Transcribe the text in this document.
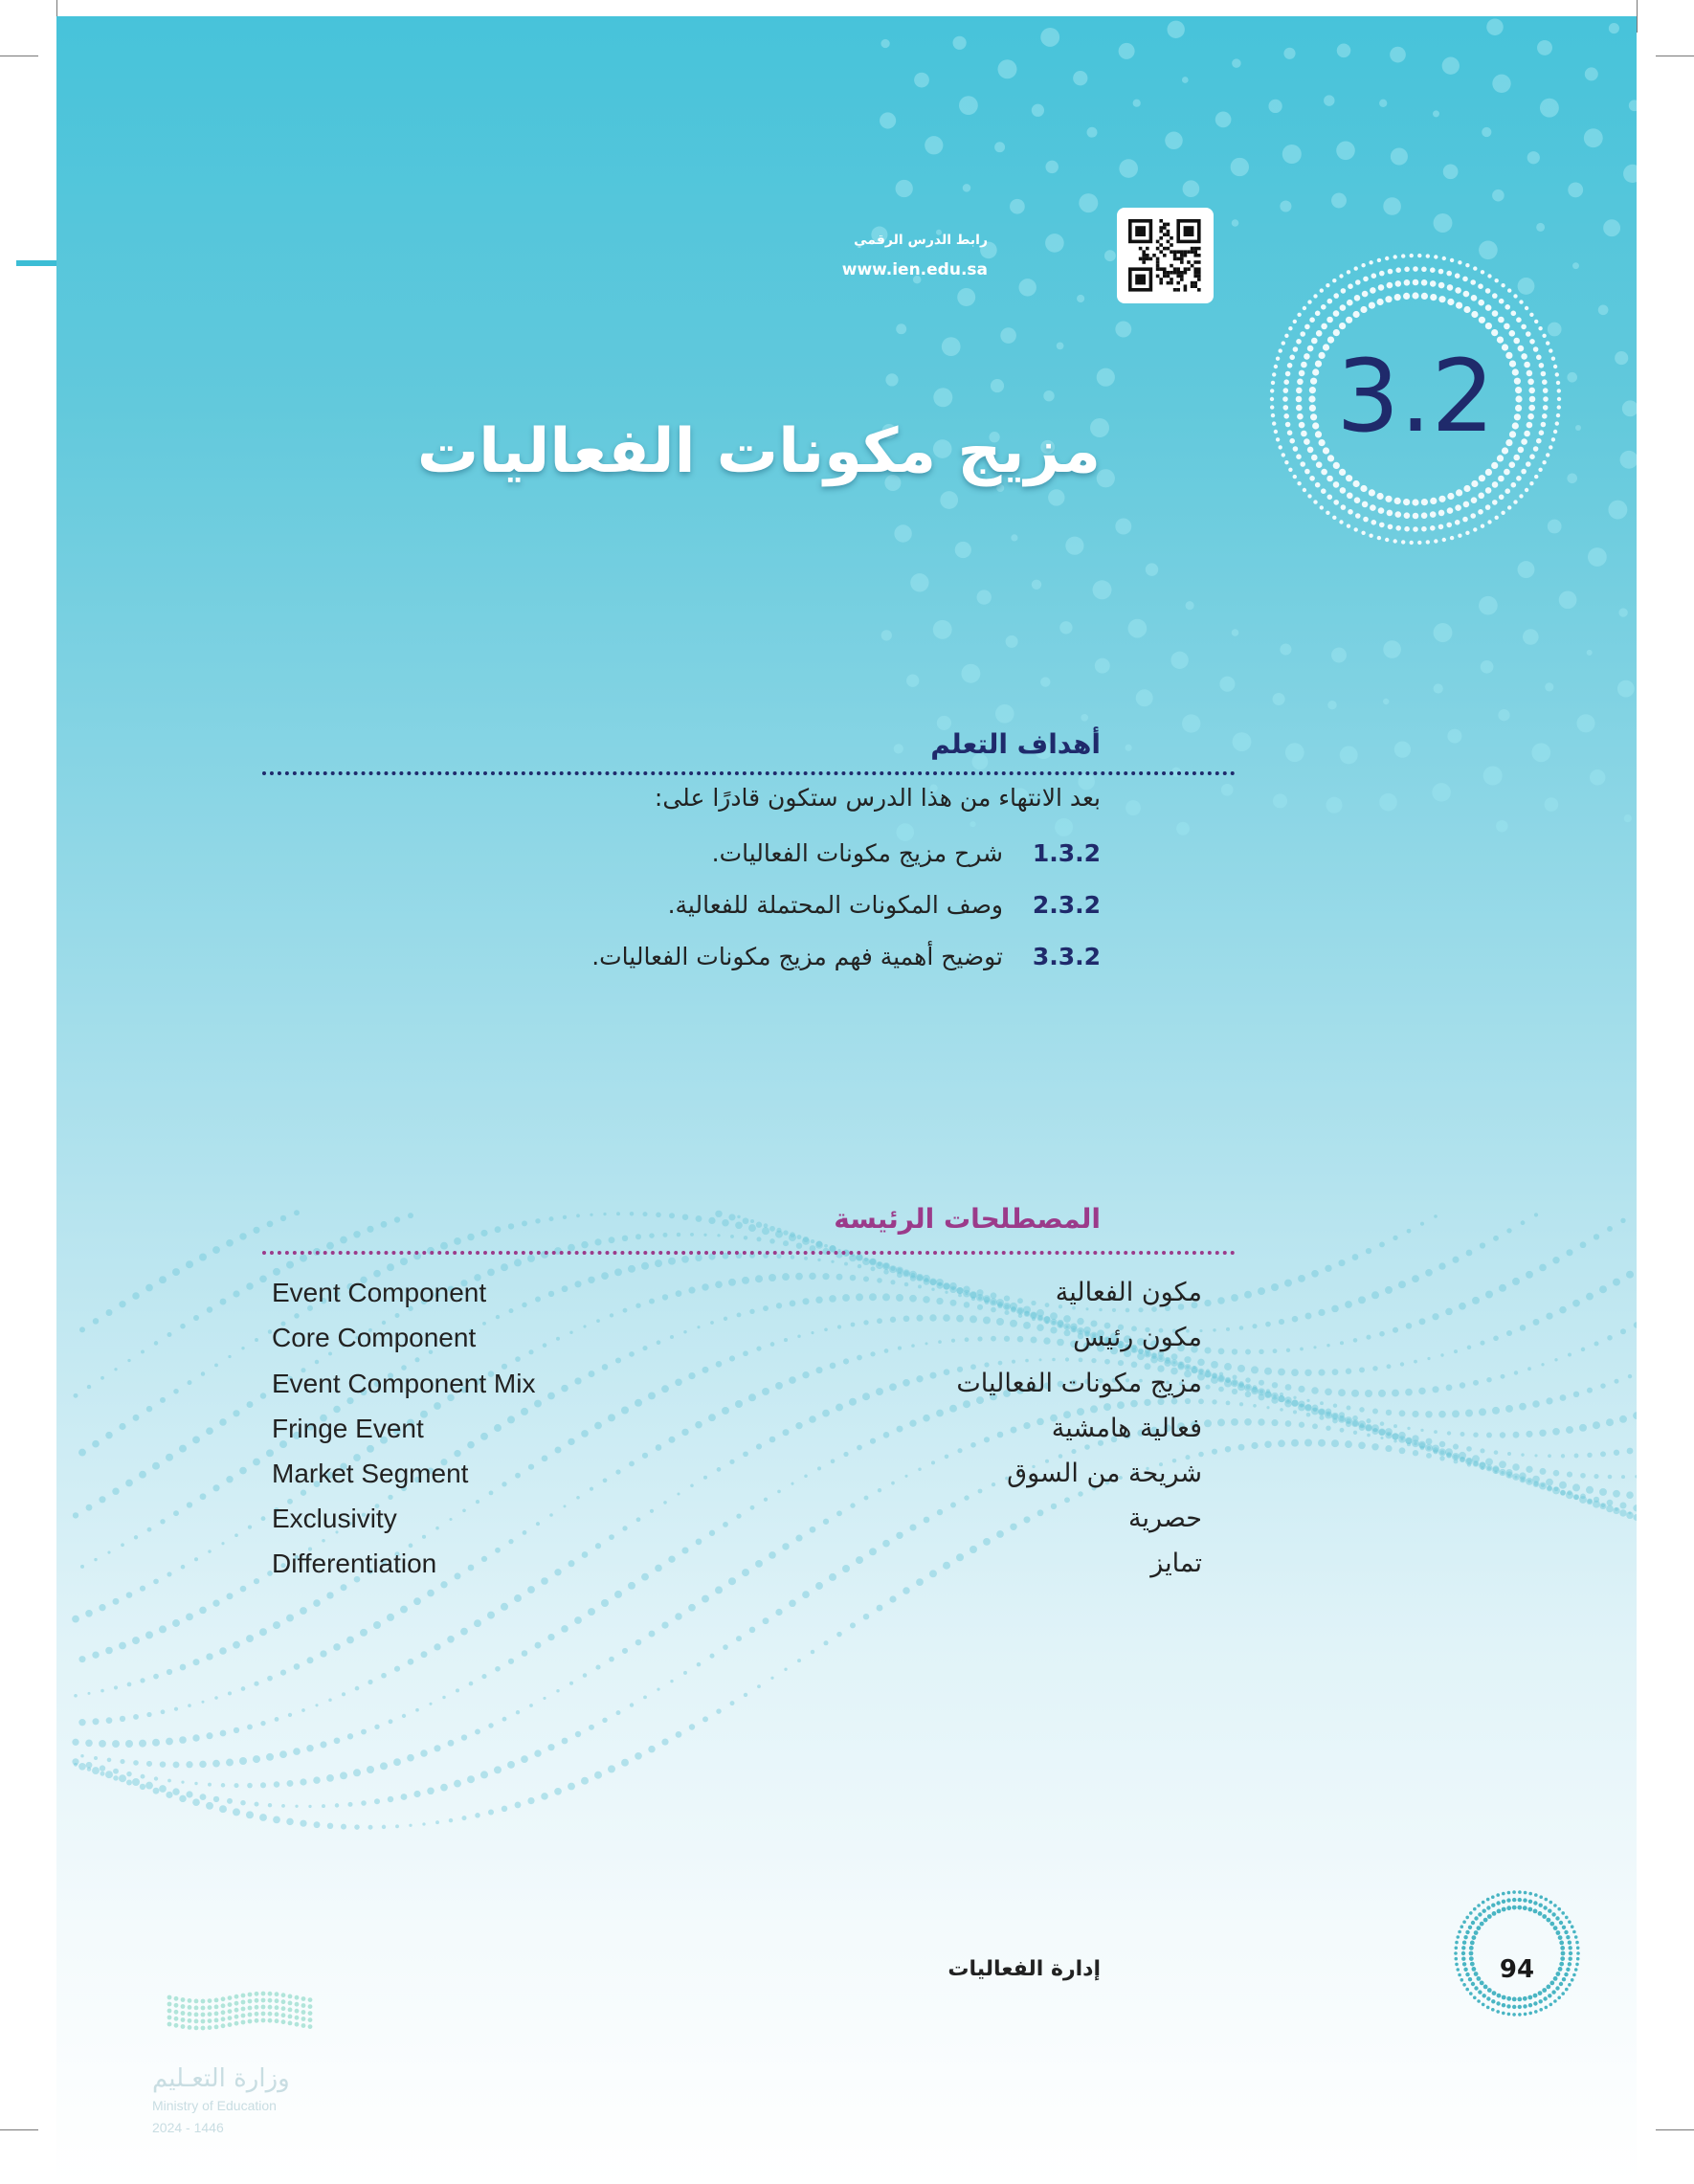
رابط الدرس الرقمي
www.ien.edu.sa
3.2
مزيج مكونات الفعاليات
أهداف التعلم
بعد الانتهاء من هذا الدرس ستكون قادرًا على:
1.3.2شرح مزيج مكونات الفعاليات.
2.3.2وصف المكونات المحتملة للفعالية.
3.3.2توضيح أهمية فهم مزيج مكونات الفعاليات.
المصطلحات الرئيسة
Event Component	مكون الفعالية
Core Component	مكون رئيس
Event Component Mix	مزيج مكونات الفعاليات
Fringe Event	فعالية هامشية
Market Segment	شريحة من السوق
Exclusivity	حصرية
Differentiation	تمايز
إدارة الفعاليات	94
وزارة التعـليم
Ministry of Education
2024 - 1446
